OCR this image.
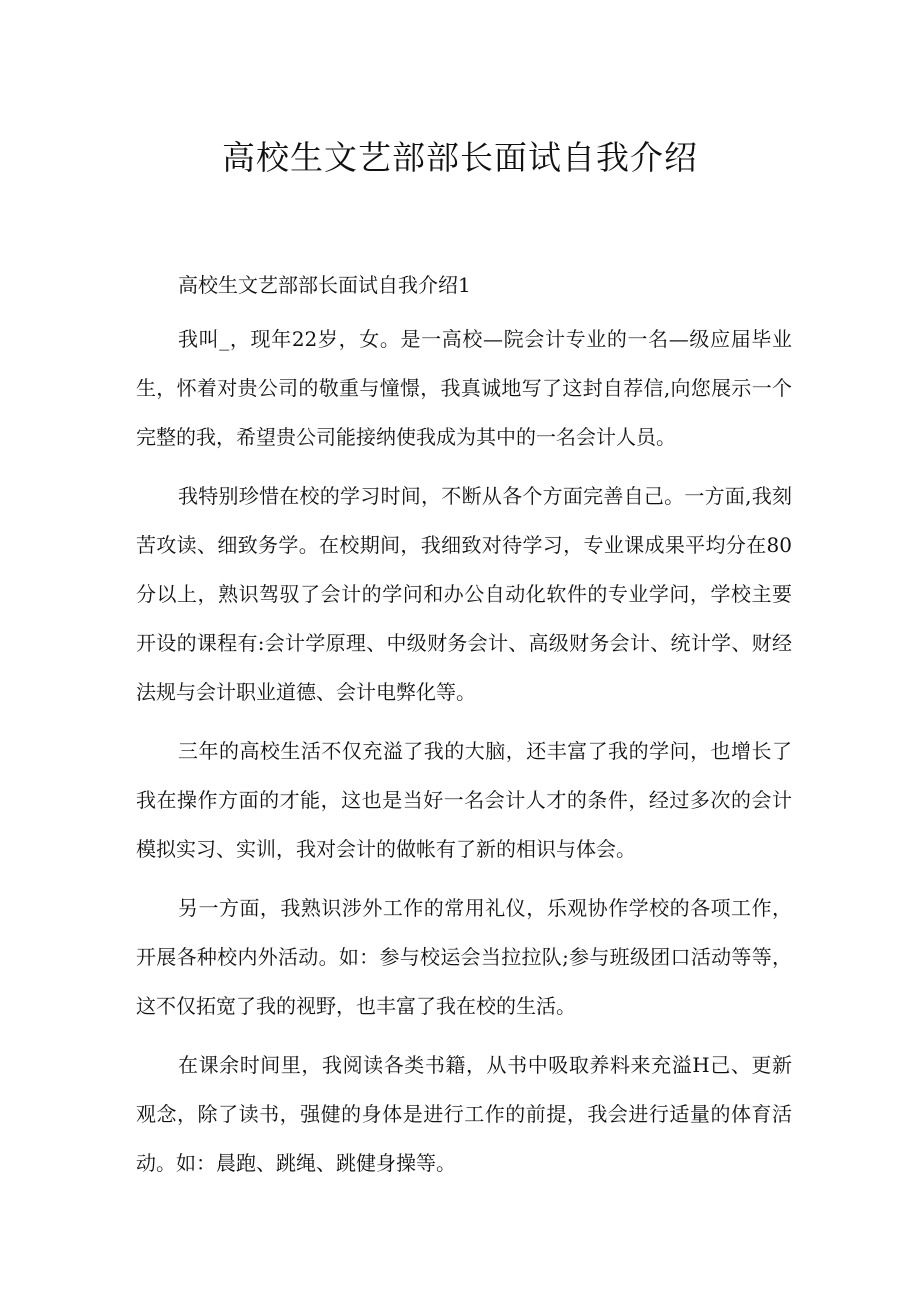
高校生文艺部部长面试自我介绍
高校生文艺部部长面试自我介绍1

我叫_，现年22岁，女。是一高校—院会计专业的一名—级应届毕业生，怀着对贵公司的敬重与憧憬，我真诚地写了这封自荐信,向您展示一个完整的我，希望贵公司能接纳使我成为其中的一名会计人员。

我特别珍惜在校的学习时间，不断从各个方面完善自己。一方面,我刻苦攻读、细致务学。在校期间，我细致对待学习，专业课成果平均分在80分以上，熟识驾驭了会计的学问和办公自动化软件的专业学问，学校主要开设的课程有:会计学原理、中级财务会计、高级财务会计、统计学、财经法规与会计职业道德、会计电弊化等。

三年的高校生活不仅充溢了我的大脑，还丰富了我的学问，也增长了我在操作方面的才能，这也是当好一名会计人才的条件，经过多次的会计模拟实习、实训，我对会计的做帐有了新的相识与体会。

另一方面，我熟识涉外工作的常用礼仪，乐观协作学校的各项工作，开展各种校内外活动。如：参与校运会当拉拉队;参与班级团口活动等等，这不仅拓宽了我的视野，也丰富了我在校的生活。

在课余时间里，我阅读各类书籍，从书中吸取养料来充溢H己、更新观念，除了读书，强健的身体是进行工作的前提，我会进行适量的体育活动。如：晨跑、跳绳、跳健身操等。
